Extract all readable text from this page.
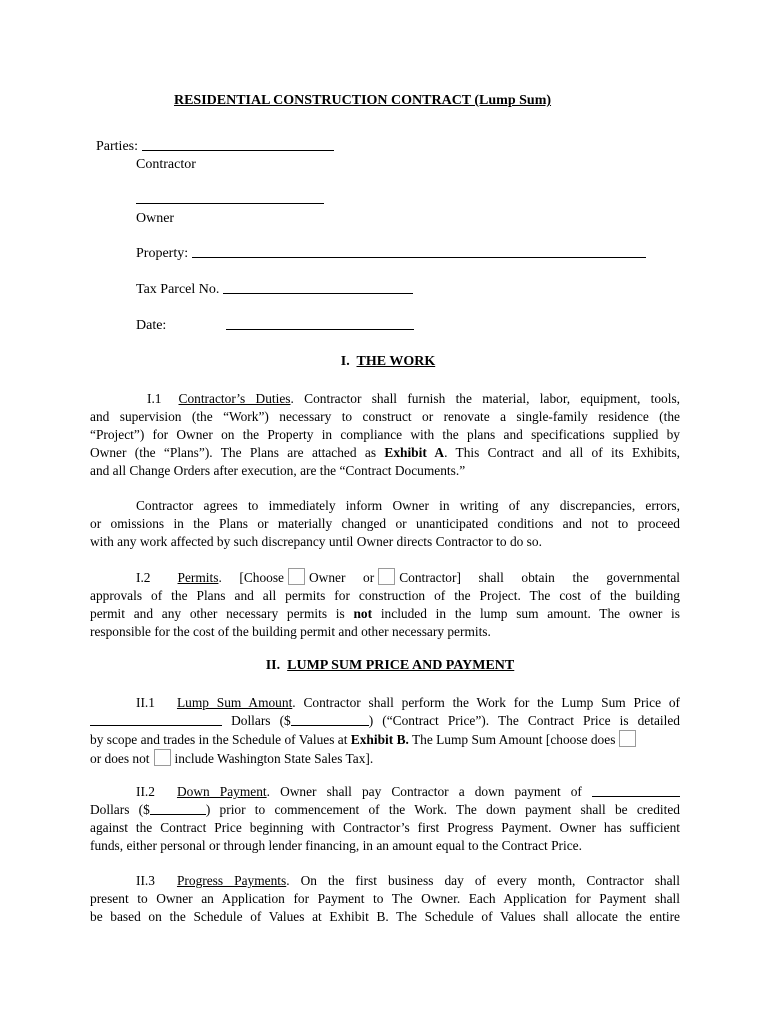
RESIDENTIAL CONSTRUCTION CONTRACT (Lump Sum)
Parties:
Contractor
Owner
Property:
Tax Parcel No.
Date:
I. THE WORK
I.1 Contractor’s Duties. Contractor shall furnish the material, labor, equipment, tools,
and supervision (the “Work”) necessary to construct or renovate a single-family residence (the
“Project”) for Owner on the Property in compliance with the plans and specifications supplied by
Owner (the “Plans”). The Plans are attached as Exhibit A. This Contract and all of its Exhibits,
and all Change Orders after execution, are the “Contract Documents.”
Contractor agrees to immediately inform Owner in writing of any discrepancies, errors,
or omissions in the Plans or materially changed or unanticipated conditions and not to proceed
with any work affected by such discrepancy until Owner directs Contractor to do so.
I.2 Permits. [Choose Owner or Contractor] shall obtain the governmental
approvals of the Plans and all permits for construction of the Project. The cost of the building
permit and any other necessary permits is not included in the lump sum amount. The owner is
responsible for the cost of the building permit and other necessary permits.
II. LUMP SUM PRICE AND PAYMENT
II.1 Lump Sum Amount. Contractor shall perform the Work for the Lump Sum Price of
Dollars ($	) (“Contract Price”). The Contract Price is detailed
by scope and trades in the Schedule of Values at Exhibit B. The Lump Sum Amount [choose does
or does not include Washington State Sales Tax].
II.2 Down Payment. Owner shall pay Contractor a down payment of
Dollars ($	) prior to commencement of the Work. The down payment shall be credited
against the Contract Price beginning with Contractor’s first Progress Payment. Owner has sufficient
funds, either personal or through lender financing, in an amount equal to the Contract Price.
II.3 Progress Payments. On the first business day of every month, Contractor shall
present to Owner an Application for Payment to The Owner. Each Application for Payment shall
be based on the Schedule of Values at Exhibit B. The Schedule of Values shall allocate the entire
